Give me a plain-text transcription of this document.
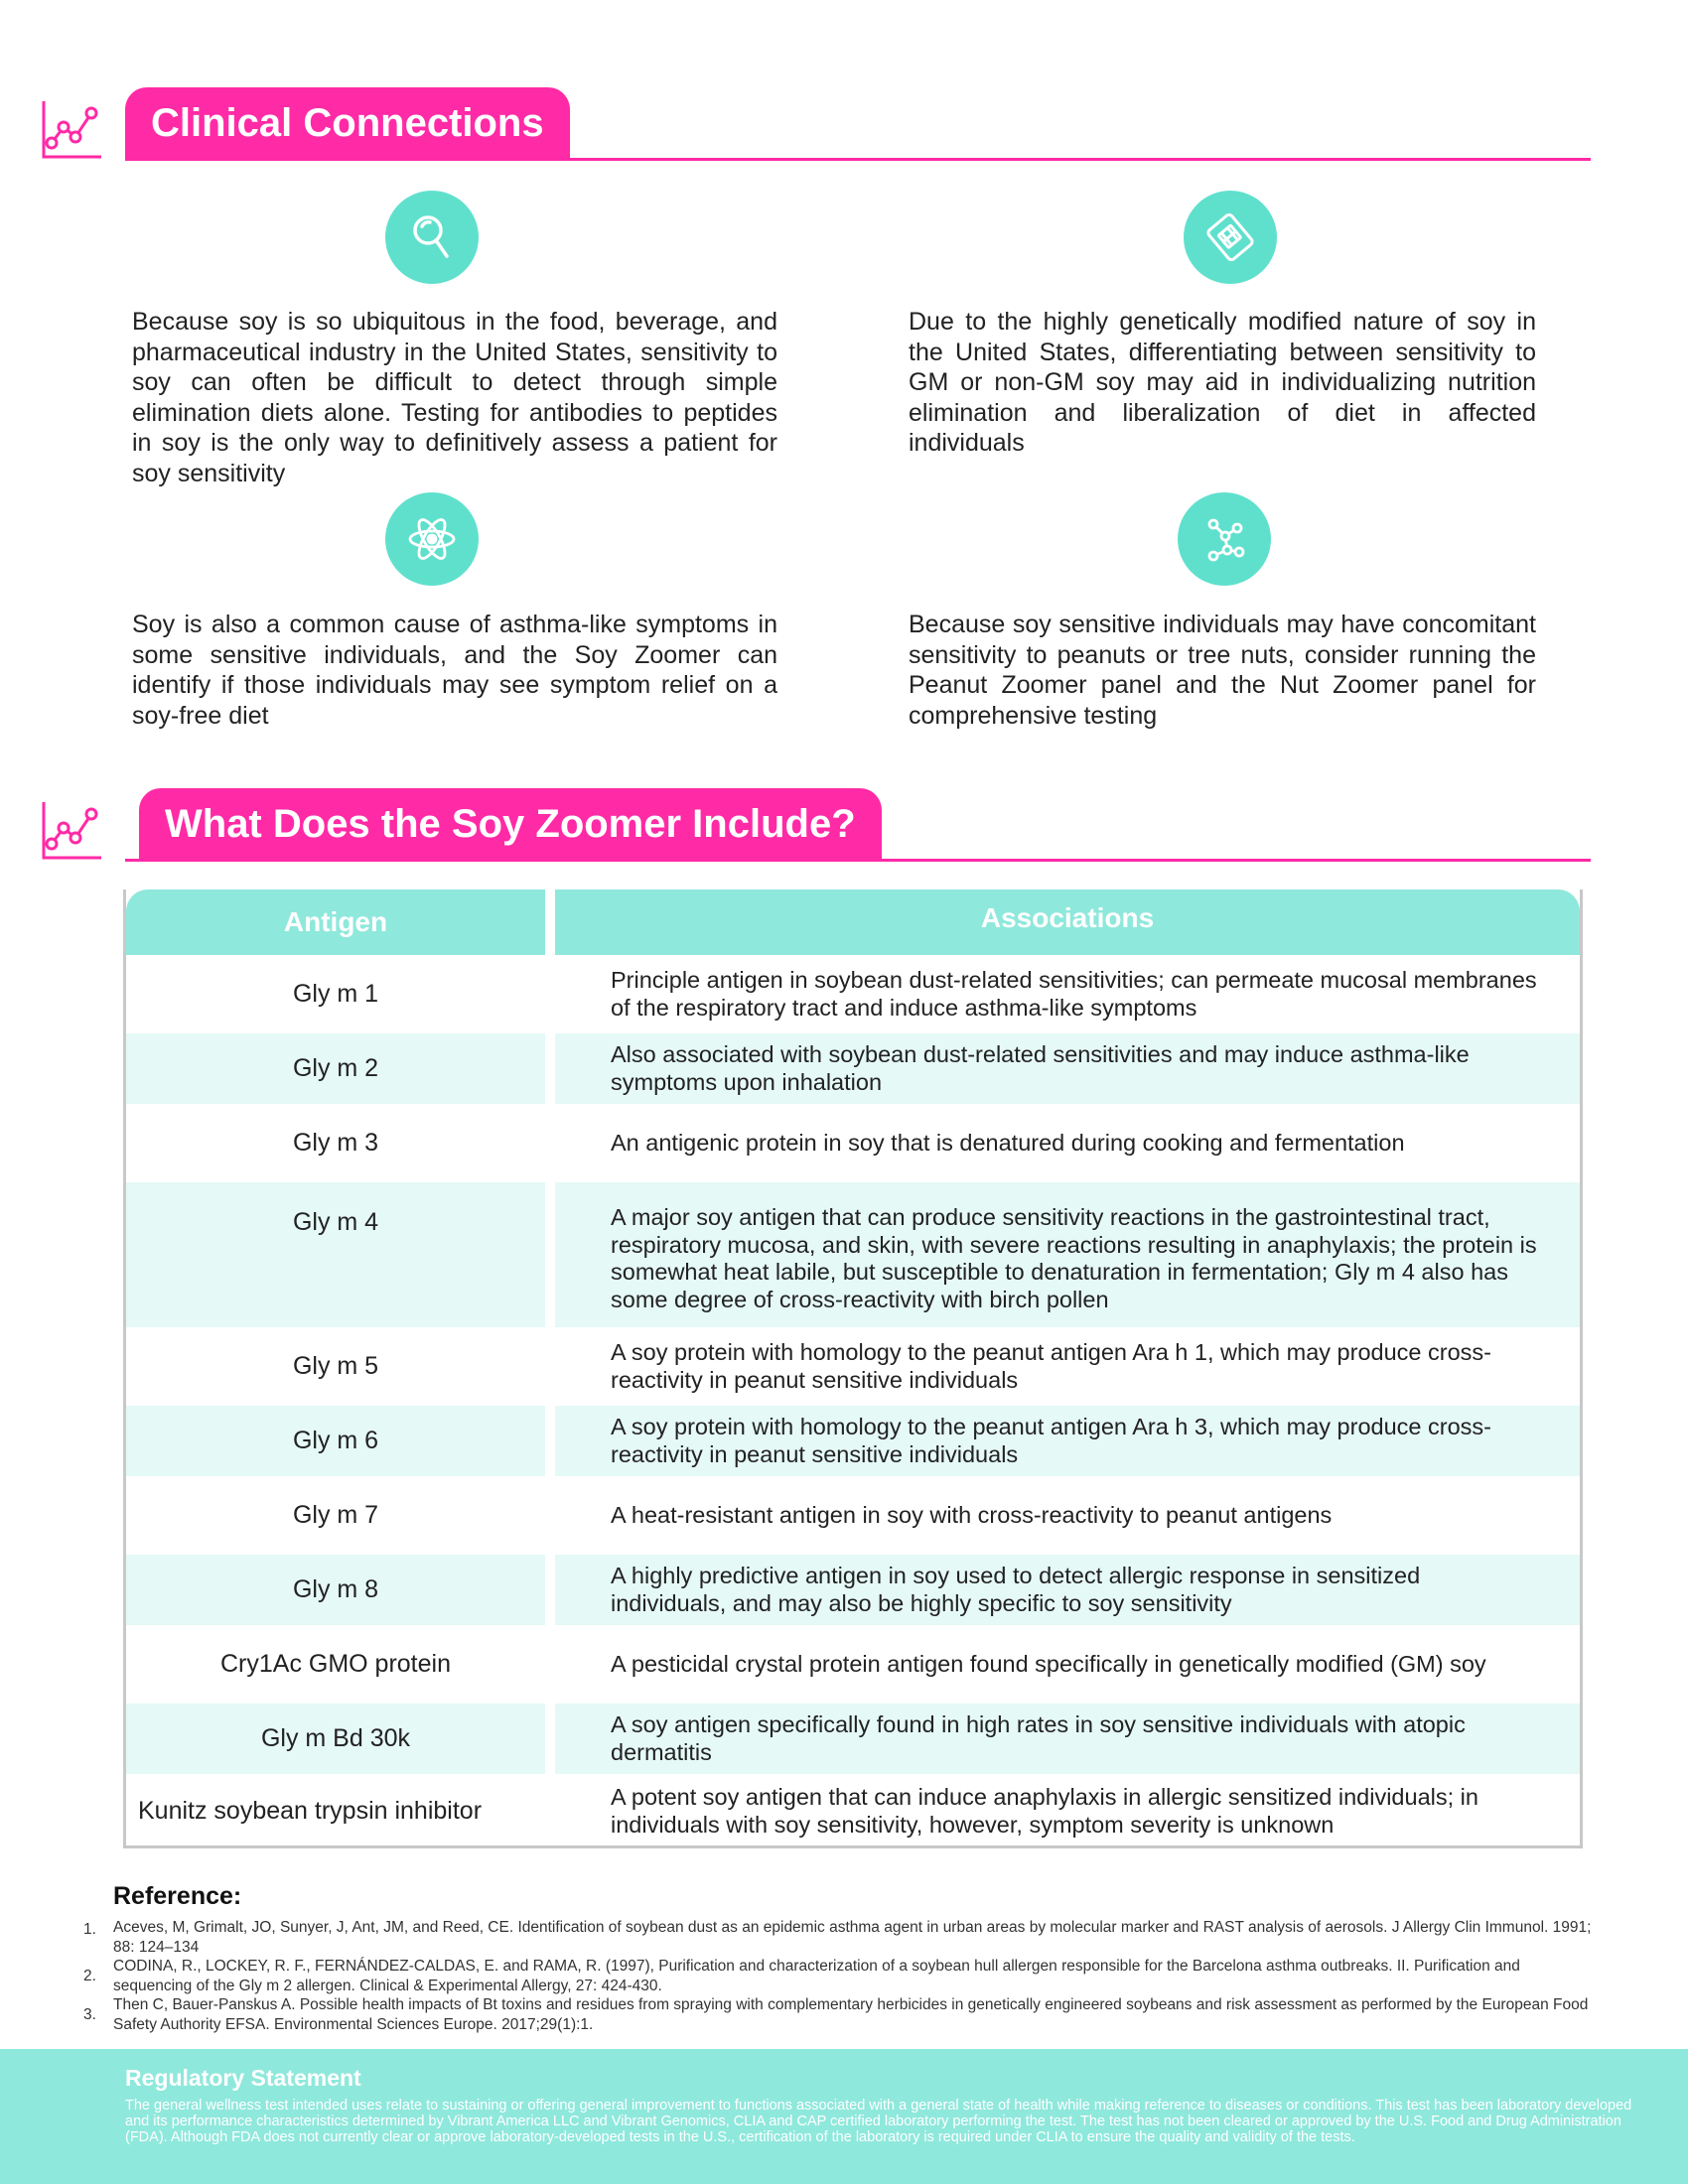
Clinical Connections

Because soy is so ubiquitous in the food, beverage, and pharmaceutical industry in the United States, sensitivity to soy can often be difficult to detect through simple elimination diets alone. Testing for antibodies to peptides in soy is the only way to definitively assess a patient for soy sensitivity

Due to the highly genetically modified nature of soy in the United States, differentiating between sensitivity to GM or non-GM soy may aid in individualizing nutrition elimination and liberalization of diet in affected individuals

Soy is also a common cause of asthma-like symptoms in some sensitive individuals, and the Soy Zoomer can identify if those individuals may see symptom relief on a soy-free diet

Because soy sensitive individuals may have concomitant sensitivity to peanuts or tree nuts, consider running the Peanut Zoomer panel and the Nut Zoomer panel for comprehensive testing

What Does the Soy Zoomer Include?
Antigen	Associations
Gly m 1	Principle antigen in soybean dust-related sensitivities; can permeate mucosal membranes of the respiratory tract and induce asthma-like symptoms
Gly m 2	Also associated with soybean dust-related sensitivities and may induce asthma-like symptoms upon inhalation
Gly m 3	An antigenic protein in soy that is denatured during cooking and fermentation
Gly m 4	A major soy antigen that can produce sensitivity reactions in the gastrointestinal tract, respiratory mucosa, and skin, with severe reactions resulting in anaphylaxis; the protein is somewhat heat labile, but susceptible to denaturation in fermentation; Gly m 4 also has some degree of cross-reactivity with birch pollen
Gly m 5	A soy protein with homology to the peanut antigen Ara h 1, which may produce cross-reactivity in peanut sensitive individuals
Gly m 6	A soy protein with homology to the peanut antigen Ara h 3, which may produce cross-reactivity in peanut sensitive individuals
Gly m 7	A heat-resistant antigen in soy with cross-reactivity to peanut antigens
Gly m 8	A highly predictive antigen in soy used to detect allergic response in sensitized individuals, and may also be highly specific to soy sensitivity
Cry1Ac GMO protein	A pesticidal crystal protein antigen found specifically in genetically modified (GM) soy
Gly m Bd 30k	A soy antigen specifically found in high rates in soy sensitive individuals with atopic dermatitis
Kunitz soybean trypsin inhibitor	A potent soy antigen that can induce anaphylaxis in allergic sensitized individuals; in individuals with soy sensitivity, however, symptom severity is unknown
Reference:
1. Aceves, M, Grimalt, JO, Sunyer, J, Ant, JM, and Reed, CE. Identification of soybean dust as an epidemic asthma agent in urban areas by molecular marker and RAST analysis of aerosols. J Allergy Clin Immunol. 1991; 88: 124–134
2.
CODINA, R., LOCKEY, R. F., FERNÁNDEZ-CALDAS, E. and RAMA, R. (1997), Purification and characterization of a soybean hull allergen responsible for the Barcelona asthma outbreaks. II. Purification and sequencing of the Gly m 2 allergen. Clinical & Experimental Allergy, 27: 424-430.
3.
Then C, Bauer-Panskus A. Possible health impacts of Bt toxins and residues from spraying with complementary herbicides in genetically engineered soybeans and risk assessment as performed by the European Food Safety Authority EFSA. Environmental Sciences Europe. 2017;29(1):1.
Regulatory Statement
The general wellness test intended uses relate to sustaining or offering general improvement to functions associated with a general state of health while making reference to diseases or conditions. This test has been laboratory developed and its performance characteristics determined by Vibrant America LLC and Vibrant Genomics, CLIA and CAP certified laboratory performing the test. The test has not been cleared or approved by the U.S. Food and Drug Administration (FDA). Although FDA does not currently clear or approve laboratory-developed tests in the U.S., certification of the laboratory is required under CLIA to ensure the quality and validity of the tests.
